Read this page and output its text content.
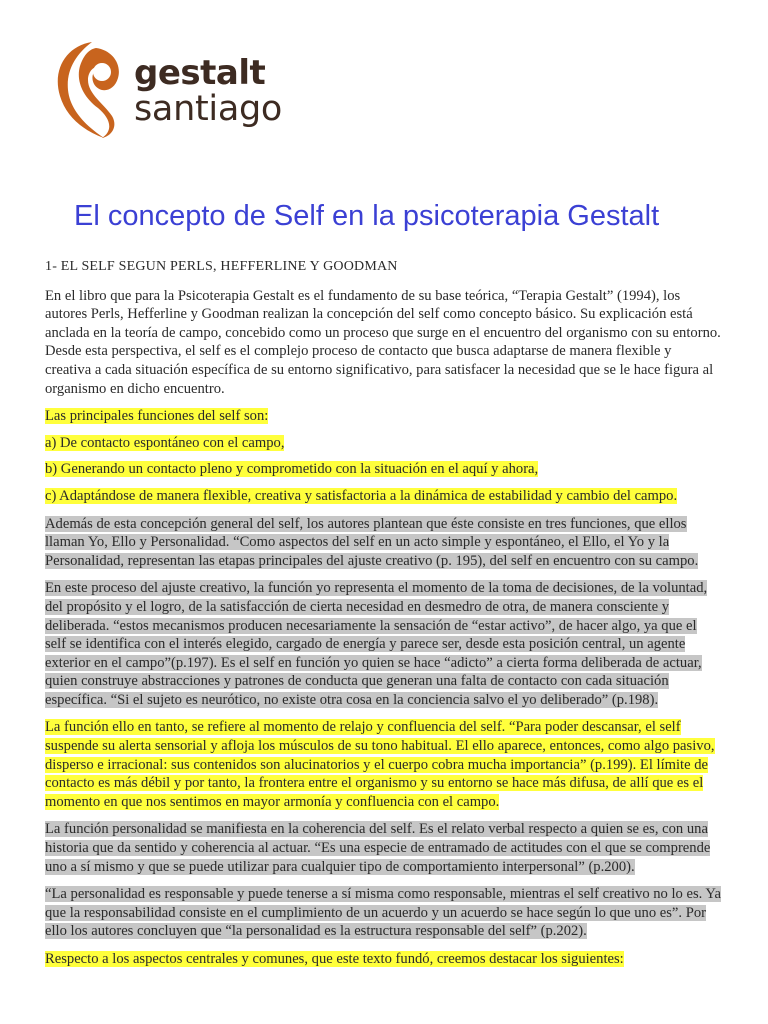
gestalt
santiago
El concepto de Self en la psicoterapia Gestalt
1- EL SELF SEGUN PERLS, HEFFERLINE Y GOODMAN
En el libro que para la Psicoterapia Gestalt es el fundamento de su base teórica, “Terapia Gestalt” (1994), los autores Perls, Hefferline y Goodman realizan la concepción del self como concepto básico. Su explicación está anclada en la teoría de campo, concebido como un proceso que surge en el encuentro del organismo con su entorno. Desde esta perspectiva, el self es el complejo proceso de contacto que busca adaptarse de manera flexible y creativa a cada situación específica de su entorno significativo, para satisfacer la necesidad que se le hace figura al organismo en dicho encuentro.
Las principales funciones del self son:
a) De contacto espontáneo con el campo,
b) Generando un contacto pleno y comprometido con la situación en el aquí y ahora,
c) Adaptándose de manera flexible, creativa y satisfactoria a la dinámica de estabilidad y cambio del campo.
Además de esta concepción general del self, los autores plantean que éste consiste en tres funciones, que ellos llaman Yo, Ello y Personalidad. “Como aspectos del self en un acto simple y espontáneo, el Ello, el Yo y la Personalidad, representan las etapas principales del ajuste creativo (p. 195), del self en encuentro con su campo.
En este proceso del ajuste creativo, la función yo representa el momento de la toma de decisiones, de la voluntad, del propósito y el logro, de la satisfacción de cierta necesidad en desmedro de otra, de manera consciente y deliberada. “estos mecanismos producen necesariamente la sensación de “estar activo”, de hacer algo, ya que el self se identifica con el interés elegido, cargado de energía y parece ser, desde esta posición central, un agente exterior en el campo”(p.197). Es el self en función yo quien se hace “adicto” a cierta forma deliberada de actuar, quien construye abstracciones y patrones de conducta que generan una falta de contacto con cada situación específica. “Si el sujeto es neurótico, no existe otra cosa en la conciencia salvo el yo deliberado” (p.198).
La función ello en tanto, se refiere al momento de relajo y confluencia del self. “Para poder descansar, el self suspende su alerta sensorial y afloja los músculos de su tono habitual. El ello aparece, entonces, como algo pasivo, disperso e irracional: sus contenidos son alucinatorios y el cuerpo cobra mucha importancia” (p.199). El límite de contacto es más débil y por tanto, la frontera entre el organismo y su entorno se hace más difusa, de allí que es el momento en que nos sentimos en mayor armonía y confluencia con el campo.
La función personalidad se manifiesta en la coherencia del self. Es el relato verbal respecto a quien se es, con una historia que da sentido y coherencia al actuar. “Es una especie de entramado de actitudes con el que se comprende uno a sí mismo y que se puede utilizar para cualquier tipo de comportamiento interpersonal” (p.200).
“La personalidad es responsable y puede tenerse a sí misma como responsable, mientras el self creativo no lo es. Ya que la responsabilidad consiste en el cumplimiento de un acuerdo y un acuerdo se hace según lo que uno es”. Por ello los autores concluyen que “la personalidad es la estructura responsable del self” (p.202).
Respecto a los aspectos centrales y comunes, que este texto fundó, creemos destacar los siguientes:
